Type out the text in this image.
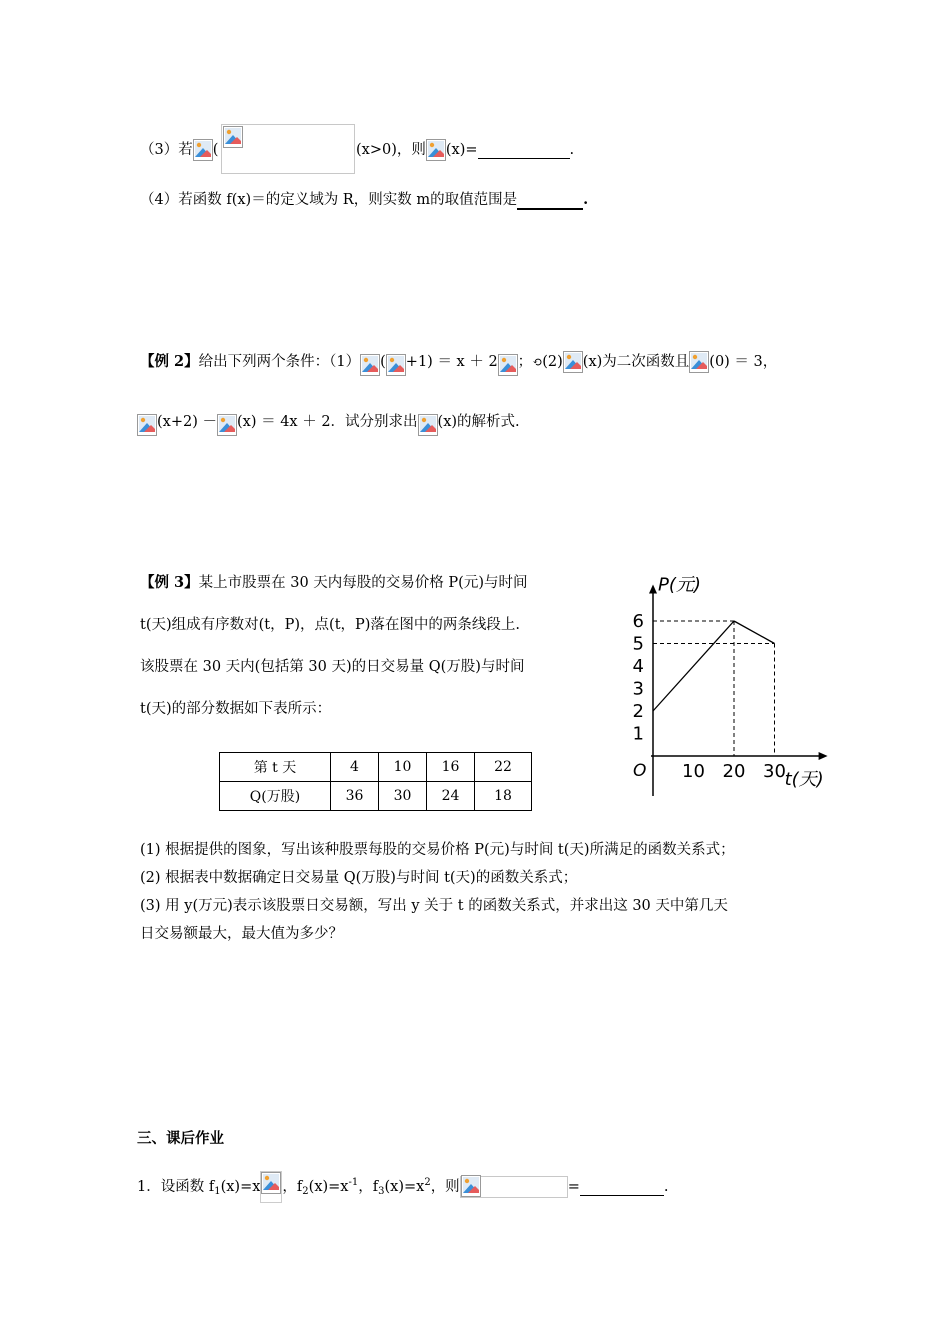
（3）若 (	(x>0)，则 (x)=	.
（4）若函数 f(x)＝的定义域为 R，则实数 m的取值范围是	.
【例 2】给出下列两个条件：（1） ( +1) ＝ x ＋ 2 ；⟲(2) (x)为二次函数且 (0) ＝ 3，
(x+2) － (x) ＝ 4x ＋ 2．试分别求出 (x)的解析式.
【例 3】某上市股票在 30 天内每股的交易价格 P(元)与时间
t(天)组成有序数对(t，P)，点(t，P)落在图中的两条线段上.
该股票在 30 天内(包括第 30 天)的日交易量 Q(万股)与时间
t(天)的部分数据如下表所示：
第 t 天	4	10	16	22
Q(万股)	36	30	24	18
1
2
3
4
5
6
10 20 30
P(元)
t(天)
O
(1) 根据提供的图象，写出该种股票每股的交易价格 P(元)与时间 t(天)所满足的函数关系式；
(2) 根据表中数据确定日交易量 Q(万股)与时间 t(天)的函数关系式；
(3) 用 y(万元)表示该股票日交易额，写出 y 关于 t 的函数关系式，并求出这 30 天中第几天
日交易额最大，最大值为多少？
三、课后作业
1．设函数 $f_1(x)=x$ ，$f_2(x)=x^{-1}$，$f_3(x)=x^2$，则	=	.
